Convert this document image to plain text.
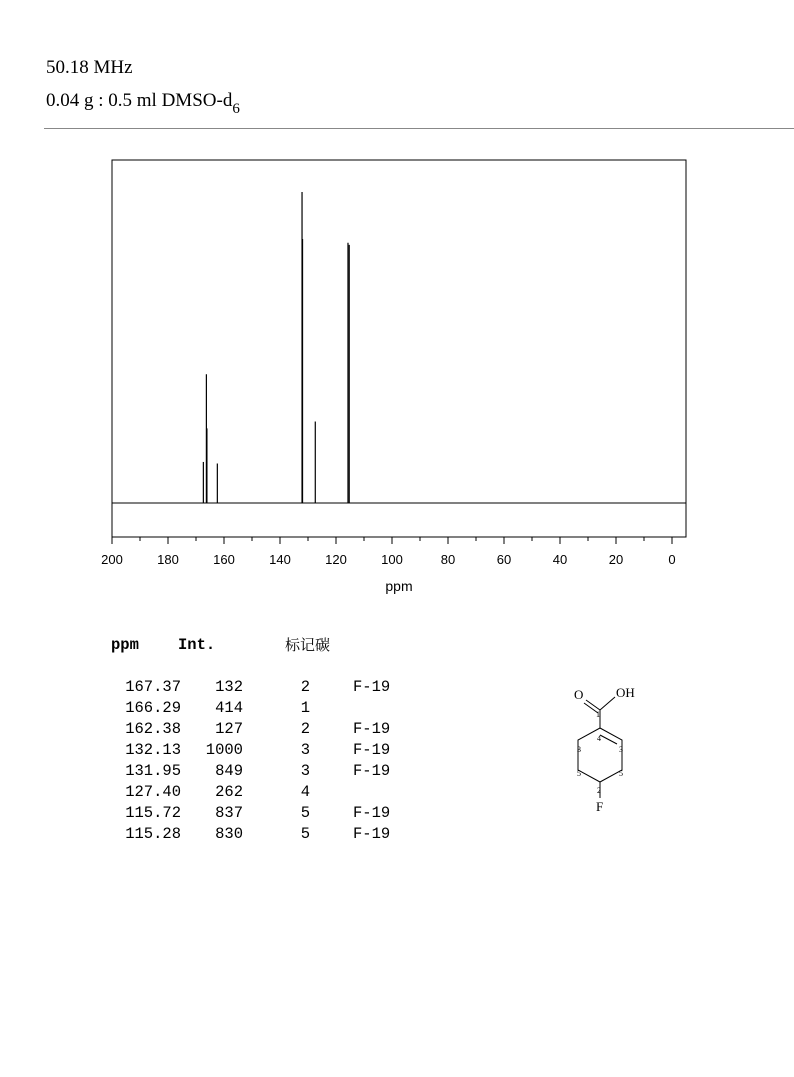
50.18 MHz
0.04 g : 0.5 ml DMSO-$d_6$
200	180	160	140	120	100	80	60	40	20	0
ppm
ppm	Int.	标记碳
167.37	132	2	F-19
166.29	414	1
162.38	127	2	F-19
132.13	1000	3	F-19
131.95	849	3	F-19
127.40	262	4
115.72	837	5	F-19
115.28	830	5	F-19
O	OH
F
1
2
3	3
4
5	5
